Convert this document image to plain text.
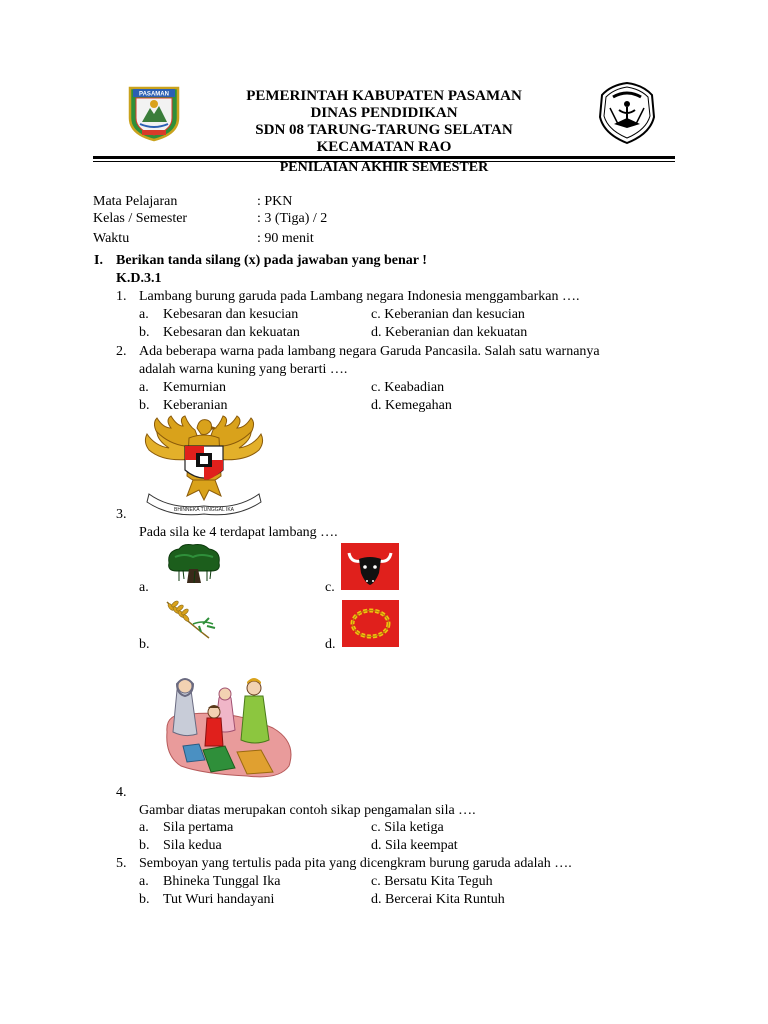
PASAMAN	PEMERINTAH KABUPATEN PASAMAN
DINAS PENDIDIKAN
SDN 08 TARUNG-TARUNG SELATAN
KECAMATAN RAO
PENILAIAN AKHIR SEMESTER
Mata Pelajaran	: PKN
Kelas / Semester	: 3 (Tiga) / 2
Waktu	: 90 menit
I. Berikan tanda silang (x) pada jawaban yang benar !
K.D.3.1
1. Lambang burung garuda pada Lambang negara Indonesia menggambarkan ….
a. Kebesaran dan kesucian	c. Keberanian dan kesucian
b. Kebesaran dan kekuatan	d. Keberanian dan kekuatan
2. Ada beberapa warna pada lambang negara Garuda Pancasila. Salah satu warnanya
adalah warna kuning yang berarti ….
a. Kemurnian	c. Keabadian
b. Keberanian	d. Kemegahan
BHINNEKA TUNGGAL IKA
3.
Pada sila ke 4 terdapat lambang ….
a.	c.
b.	d.
4.
Gambar diatas merupakan contoh sikap pengamalan sila ….
a. Sila pertama	c. Sila ketiga
b. Sila kedua	d. Sila keempat
5. Semboyan yang tertulis pada pita yang dicengkram burung garuda adalah ….
a. Bhineka Tunggal Ika	c. Bersatu Kita Teguh
b. Tut Wuri handayani	d. Bercerai Kita Runtuh
